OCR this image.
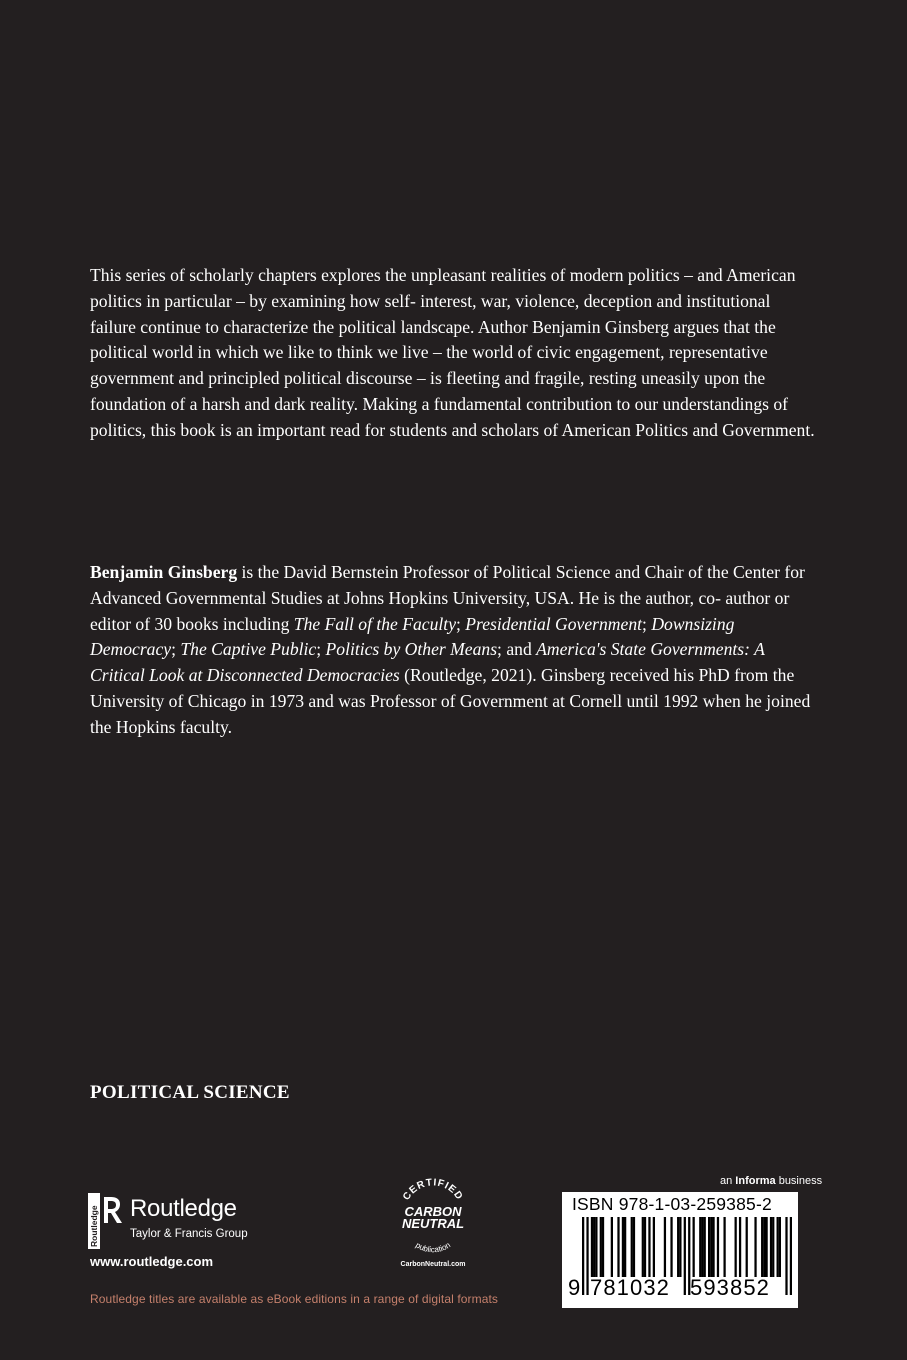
This series of scholarly chapters explores the unpleasant realities of modern politics – and American politics in particular – by examining how self- interest, war, violence, deception and institutional failure continue to characterize the political landscape. Author Benjamin Ginsberg argues that the political world in which we like to think we live – the world of civic engagement, representative government and principled political discourse – is fleeting and fragile, resting uneasily upon the foundation of a harsh and dark reality. Making a fundamental contribution to our understandings of politics, this book is an important read for students and scholars of American Politics and Government.

Benjamin Ginsberg is the David Bernstein Professor of Political Science and Chair of the Center for Advanced Governmental Studies at Johns Hopkins University, USA. He is the author, co- author or editor of 30 books including The Fall of the Faculty; Presidential Government; Downsizing Democracy; The Captive Public; Politics by Other Means; and America's State Governments: A Critical Look at Disconnected Democracies (Routledge, 2021). Ginsberg received his PhD from the University of Chicago in 1973 and was Professor of Government at Cornell until 1992 when he joined the Hopkins faculty.

POLITICAL SCIENCE
Routledge Routledge
Taylor & Francis Group
www.routledge.com
Routledge titles are available as eBook editions in a range of digital formats
CERTIFIED
CARBON
NEUTRAL
publication
CarbonNeutral.com
an Informa business
ISBN 978-1-03-259385-2
9 781032 593852
